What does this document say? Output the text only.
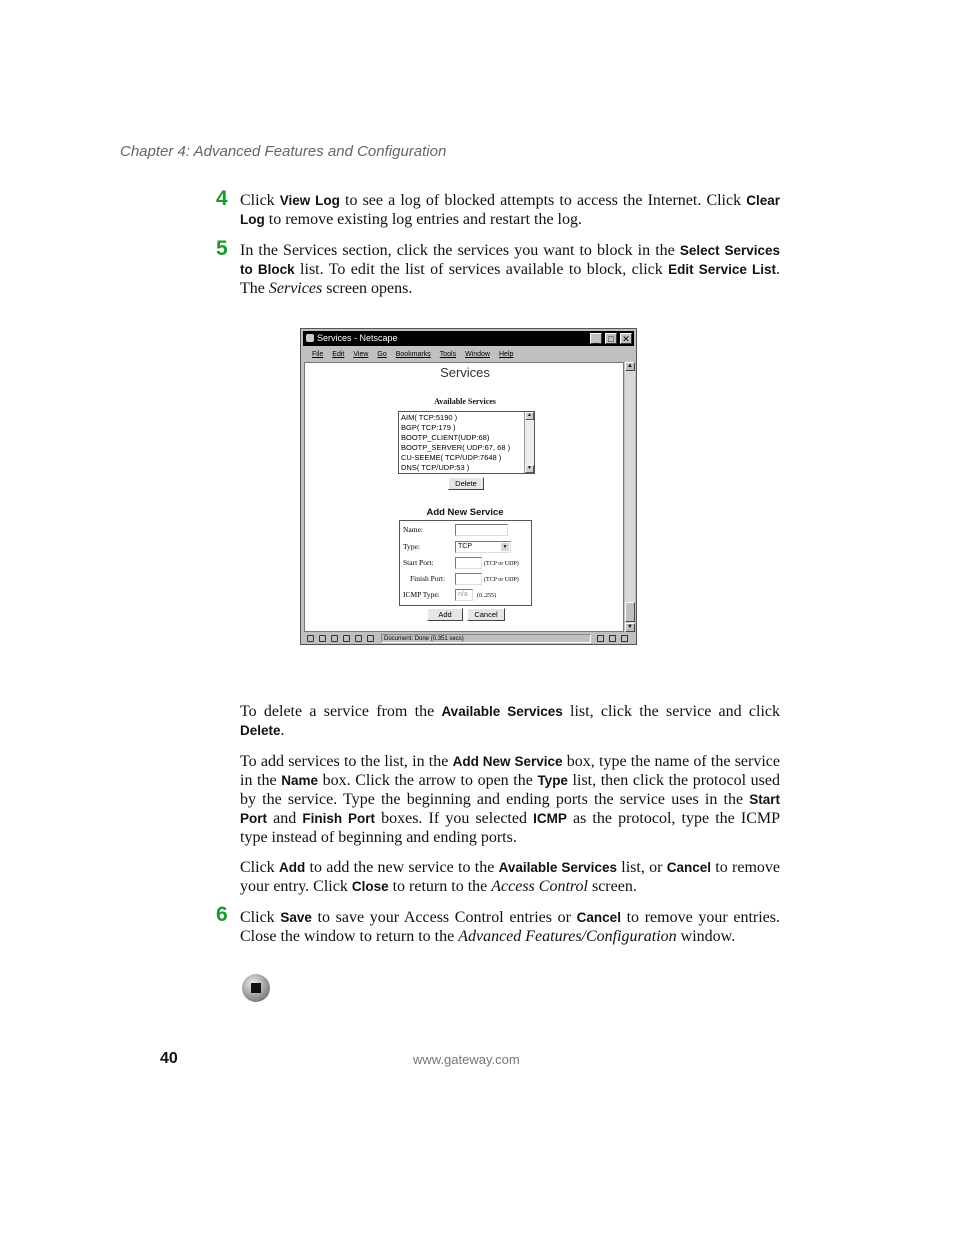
Chapter 4: Advanced Features and Configuration
4 Click View Log to see a log of blocked attempts to access the Internet. Click Clear Log to remove existing log entries and restart the log.
5 In the Services section, click the services you want to block in the Select Services to Block list. To edit the list of services available to block, click Edit Service List. The Services screen opens.
Services - Netscape	_	□ ✕
File Edit View Go Bookmarks Tools Window Help
Services
Available Services
AIM( TCP:5190 )
BGP( TCP:179 )
BOOTP_CLIENT(UDP:68)
BOOTP_SERVER( UDP:67, 68 )
CU-SEEME( TCP/UDP:7648 )
DNS( TCP/UDP:53 )
▲
▼
Delete
Add New Service
Name:
Type:	TCP	▼
Start Port:	(TCP or UDP)
Finish Port:	(TCP or UDP)
ICMP Type:	n/a	(0..255)
Add	Cancel
▲
▼
Document: Done (0.351 secs)
To delete a service from the Available Services list, click the service and click Delete.
To add services to the list, in the Add New Service box, type the name of the service in the Name box. Click the arrow to open the Type list, then click the protocol used by the service. Type the beginning and ending ports the service uses in the Start Port and Finish Port boxes. If you selected ICMP as the protocol, type the ICMP type instead of beginning and ending ports.
Click Add to add the new service to the Available Services list, or Cancel to remove your entry. Click Close to return to the Access Control screen.
6 Click Save to save your Access Control entries or Cancel to remove your entries. Close the window to return to the Advanced Features/Configuration window.
40	www.gateway.com
